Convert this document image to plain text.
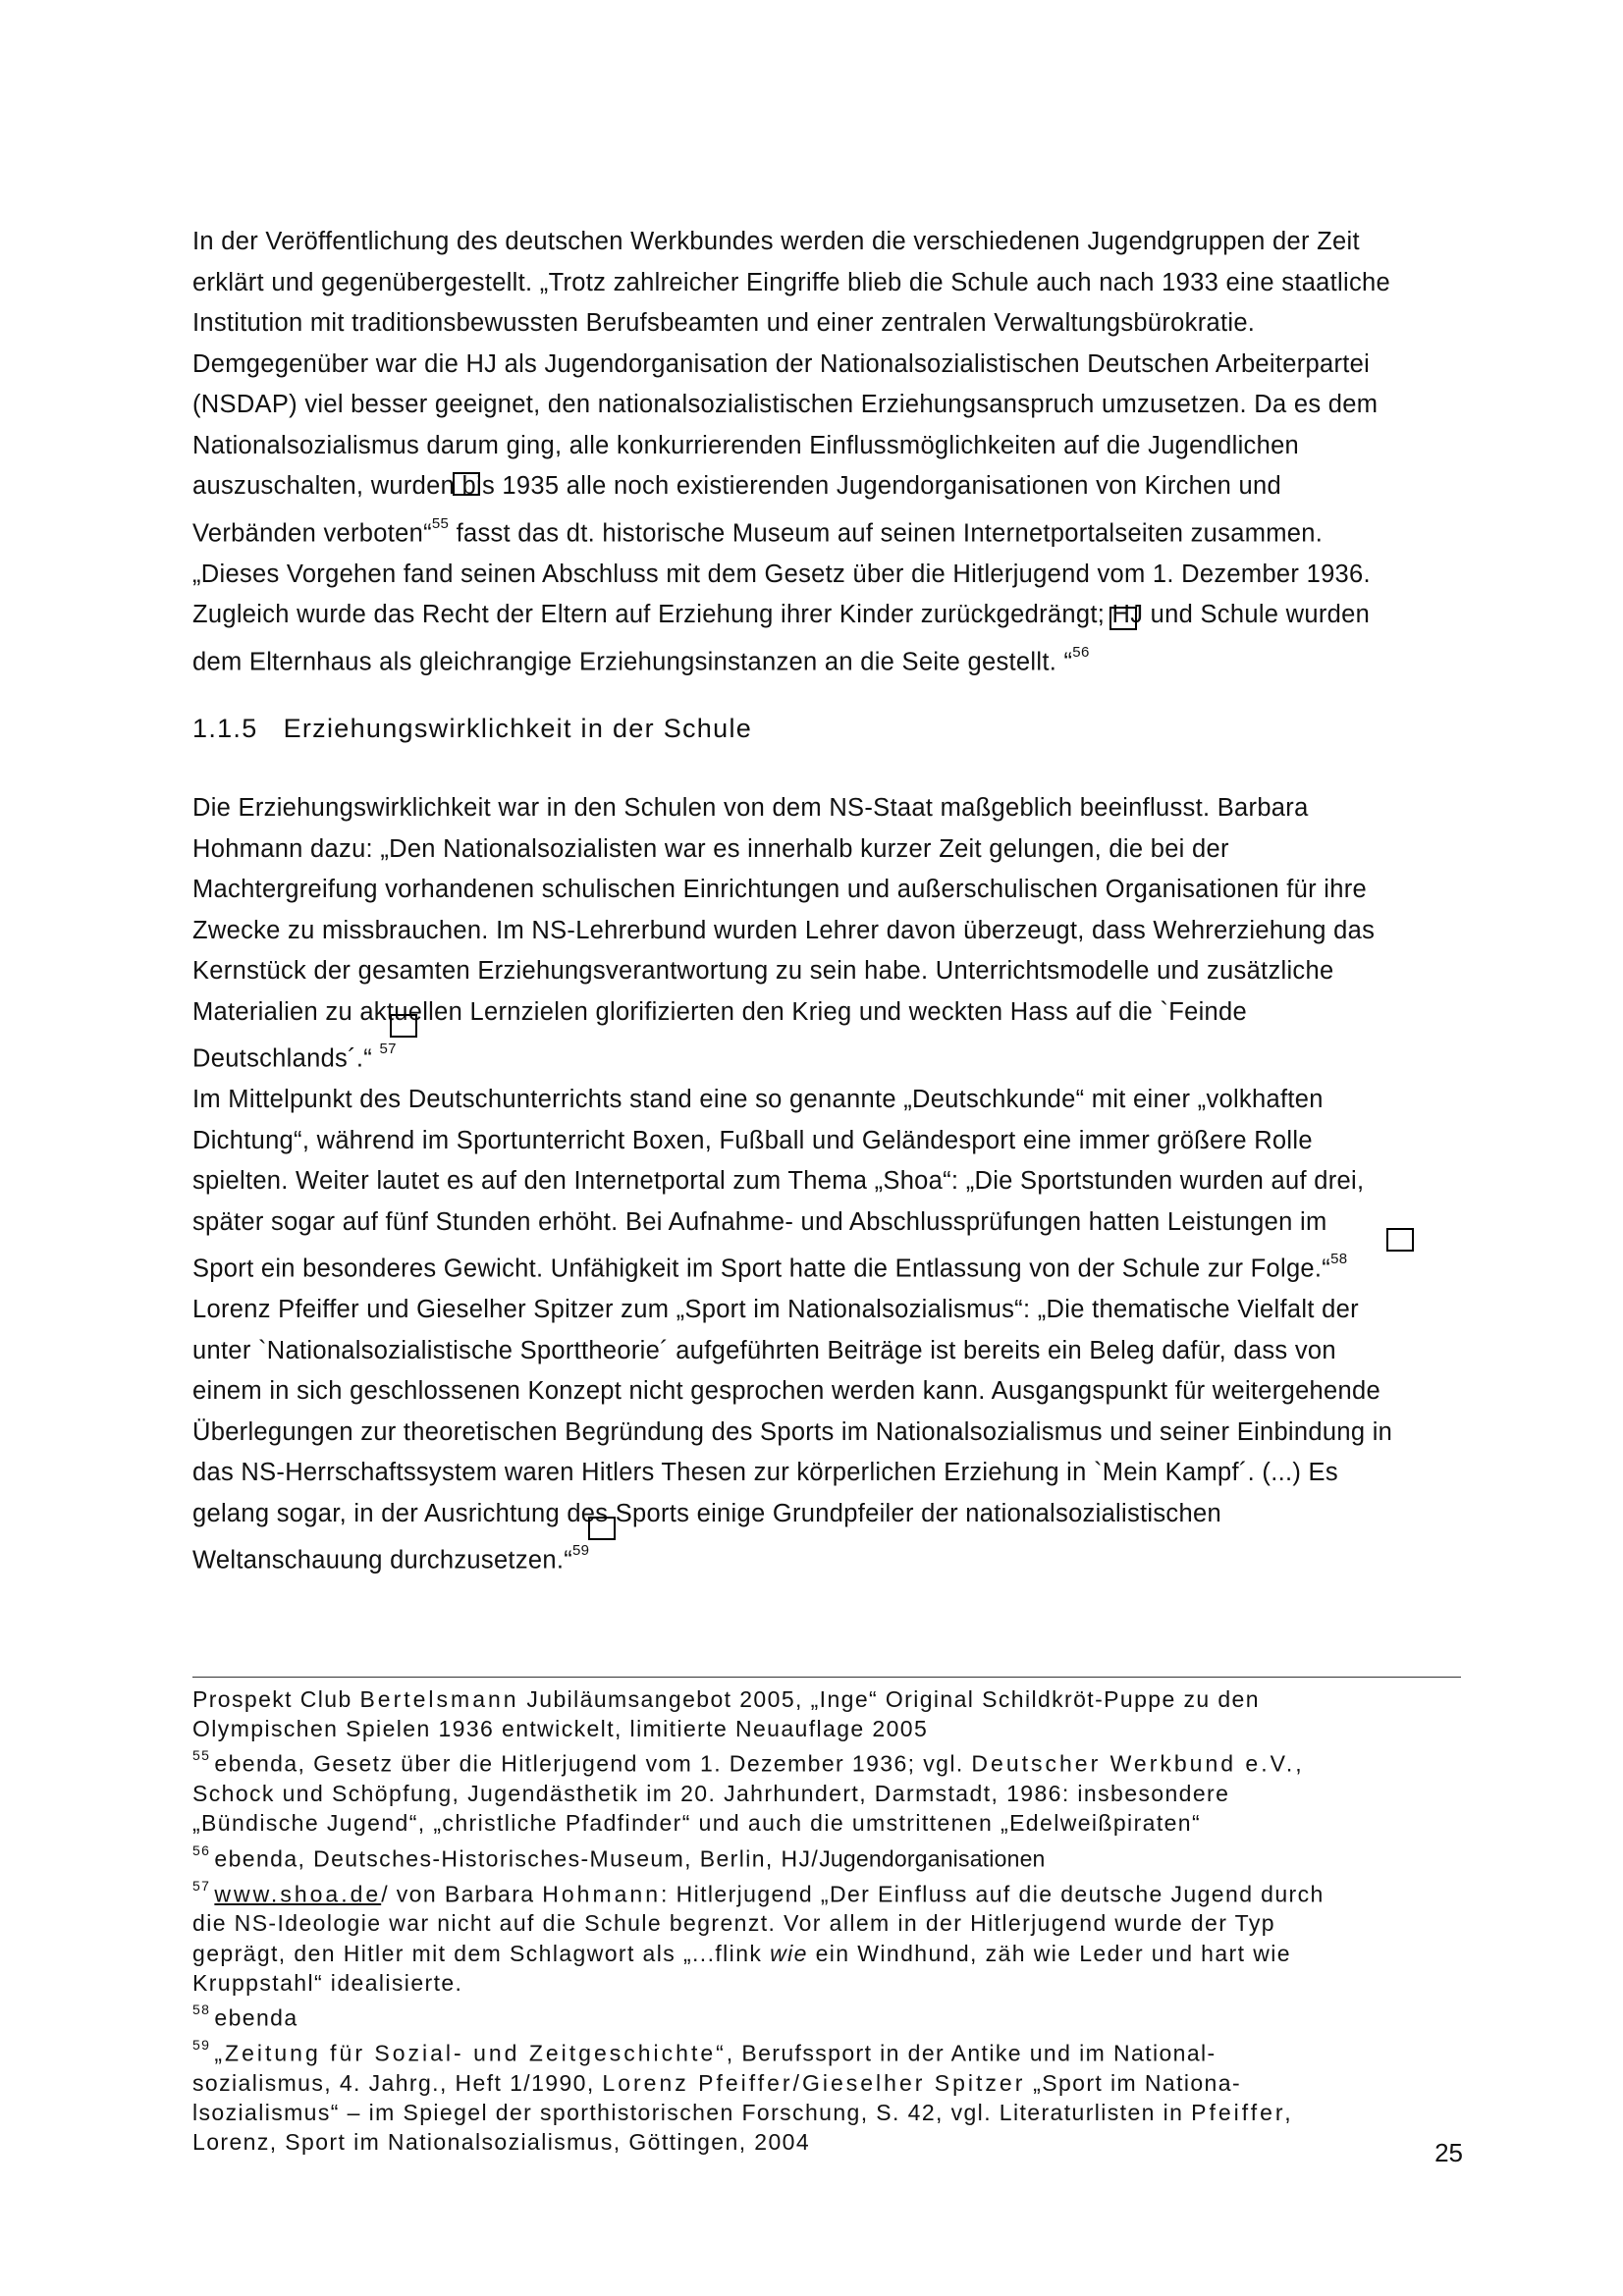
In der Veröffentlichung des deutschen Werkbundes werden die verschiedenen Jugendgruppen der Zeit
erklärt und gegenübergestellt. „Trotz zahlreicher Eingriffe blieb die Schule auch nach 1933 eine staatliche
Institution mit traditionsbewussten Berufsbeamten und einer zentralen Verwaltungsbürokratie.
Demgegenüber war die HJ als Jugendorganisation der Nationalsozialistischen Deutschen Arbeiterpartei
(NSDAP) viel besser geeignet, den nationalsozialistischen Erziehungsanspruch umzusetzen. Da es dem
Nationalsozialismus darum ging, alle konkurrierenden Einflussmöglichkeiten auf die Jugendlichen
auszuschalten, wurden bis 1935 alle noch existierenden Jugendorganisationen von Kirchen und
Verbänden verboten“$^{55}$ fasst das dt. historische Museum auf seinen Internetportalseiten zusammen.
„Dieses Vorgehen fand seinen Abschluss mit dem Gesetz über die Hitlerjugend vom 1. Dezember 1936.
Zugleich wurde das Recht der Eltern auf Erziehung ihrer Kinder zurückgedrängt; HJ und Schule wurden
dem Elternhaus als gleichrangige Erziehungsinstanzen an die Seite gestellt. “$^{56}$
1.1.5 Erziehungswirklichkeit in der Schule
Die Erziehungswirklichkeit war in den Schulen von dem NS-Staat maßgeblich beeinflusst. Barbara
Hohmann dazu: „Den Nationalsozialisten war es innerhalb kurzer Zeit gelungen, die bei der
Machtergreifung vorhandenen schulischen Einrichtungen und außerschulischen Organisationen für ihre
Zwecke zu missbrauchen. Im NS-Lehrerbund wurden Lehrer davon überzeugt, dass Wehrerziehung das
Kernstück der gesamten Erziehungsverantwortung zu sein habe. Unterrichtsmodelle und zusätzliche
Materialien zu aktuellen Lernzielen glorifizierten den Krieg und weckten Hass auf die `Feinde
Deutschlands´.“ $^{57}$
Im Mittelpunkt des Deutschunterrichts stand eine so genannte „Deutschkunde“ mit einer „volkhaften
Dichtung“, während im Sportunterricht Boxen, Fußball und Geländesport eine immer größere Rolle
spielten. Weiter lautet es auf den Internetportal zum Thema „Shoa“: „Die Sportstunden wurden auf drei,
später sogar auf fünf Stunden erhöht. Bei Aufnahme- und Abschlussprüfungen hatten Leistungen im
Sport ein besonderes Gewicht. Unfähigkeit im Sport hatte die Entlassung von der Schule zur Folge.“$^{58}$
Lorenz Pfeiffer und Gieselher Spitzer zum „Sport im Nationalsozialismus“: „Die thematische Vielfalt der
unter `Nationalsozialistische Sporttheorie´ aufgeführten Beiträge ist bereits ein Beleg dafür, dass von
einem in sich geschlossenen Konzept nicht gesprochen werden kann. Ausgangspunkt für weitergehende
Überlegungen zur theoretischen Begründung des Sports im Nationalsozialismus und seiner Einbindung in
das NS-Herrschaftssystem waren Hitlers Thesen zur körperlichen Erziehung in `Mein Kampf´. (...) Es
gelang sogar, in der Ausrichtung des Sports einige Grundpfeiler der nationalsozialistischen
Weltanschauung durchzusetzen.“$^{59}$
Prospekt Club Bertelsmann Jubiläumsangebot 2005, „Inge“ Original Schildkröt-Puppe zu den
Olympischen Spielen 1936 entwickelt, limitierte Neuauflage 2005
$^{55}$ ebenda, Gesetz über die Hitlerjugend vom 1. Dezember 1936; vgl. Deutscher Werkbund e.V.,
Schock und Schöpfung, Jugendästhetik im 20. Jahrhundert, Darmstadt, 1986: insbesondere
„Bündische Jugend“, „christliche Pfadfinder“ und auch die umstrittenen „Edelweißpiraten“
$^{56}$ ebenda, Deutsches-Historisches-Museum, Berlin, HJ/Jugendorganisationen
$^{57}$ www.shoa.de/ von Barbara Hohmann: Hitlerjugend „Der Einfluss auf die deutsche Jugend durch
die NS-Ideologie war nicht auf die Schule begrenzt. Vor allem in der Hitlerjugend wurde der Typ
geprägt, den Hitler mit dem Schlagwort als „...flink wie ein Windhund, zäh wie Leder und hart wie
Kruppstahl“ idealisierte.
$^{58}$ ebenda
$^{59}$ „Zeitung für Sozial- und Zeitgeschichte“, Berufssport in der Antike und im National-
sozialismus, 4. Jahrg., Heft 1/1990, Lorenz Pfeiffer/Gieselher Spitzer „Sport im Nationa-
lsozialismus“ – im Spiegel der sporthistorischen Forschung, S. 42, vgl. Literaturlisten in Pfeiffer,
Lorenz, Sport im Nationalsozialismus, Göttingen, 2004	25
